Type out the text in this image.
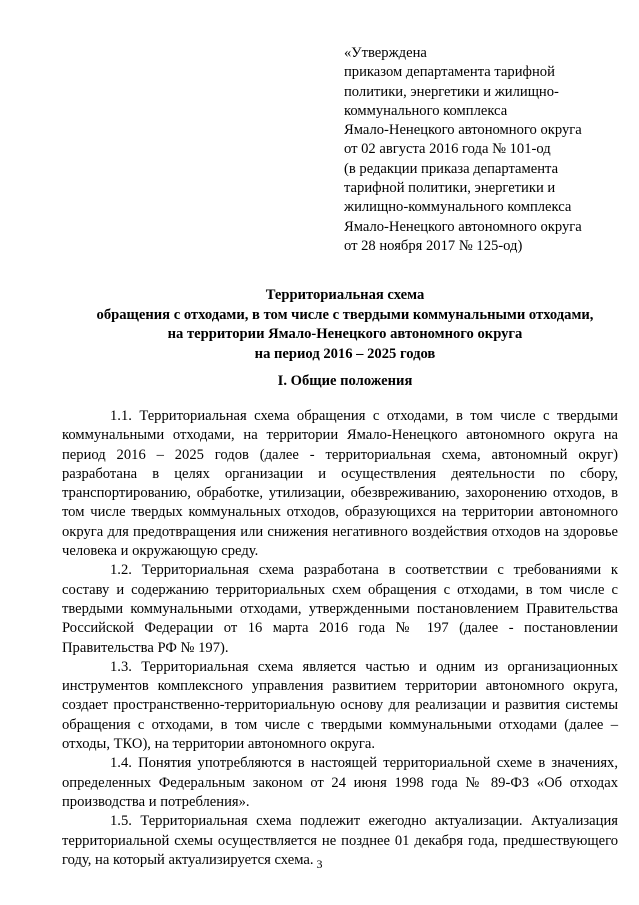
«Утверждена
приказом департамента тарифной
политики, энергетики и жилищно-
коммунального комплекса
Ямало-Ненецкого автономного округа
от 02 августа 2016 года № 101-од
(в редакции приказа департамента
тарифной политики, энергетики и
жилищно-коммунального комплекса
Ямало-Ненецкого автономного округа
от 28 ноября 2017 № 125-од)
Территориальная схема
обращения с отходами, в том числе с твердыми коммунальными отходами,
на территории Ямало-Ненецкого автономного округа
на период 2016 – 2025 годов
I. Общие положения

1.1. Территориальная схема обращения с отходами, в том числе с твердыми коммунальными отходами, на территории Ямало-Ненецкого автономного округа на период 2016 – 2025 годов (далее - территориальная схема, автономный округ) разработана в целях организации и осуществления деятельности по сбору, транспортированию, обработке, утилизации, обезвреживанию, захоронению отходов, в том числе твердых коммунальных отходов, образующихся на территории автономного округа для предотвращения или снижения негативного воздействия отходов на здоровье человека и окружающую среду.

1.2. Территориальная схема разработана в соответствии с требованиями к составу и содержанию территориальных схем обращения с отходами, в том числе с твердыми коммунальными отходами, утвержденными постановлением Правительства Российской Федерации от 16 марта 2016 года № 197 (далее - постановлении Правительства РФ № 197).

1.3. Территориальная схема является частью и одним из организационных инструментов комплексного управления развитием территории автономного округа, создает пространственно-территориальную основу для реализации и развития системы обращения с отходами, в том числе с твердыми коммунальными отходами (далее – отходы, ТКО), на территории автономного округа.

1.4. Понятия употребляются в настоящей территориальной схеме в значениях, определенных Федеральным законом от 24 июня 1998 года № 89-ФЗ «Об отходах производства и потребления».

1.5. Территориальная схема подлежит ежегодно актуализации. Актуализация территориальной схемы осуществляется не позднее 01 декабря года, предшествующего году, на который актуализируется схема. 3
